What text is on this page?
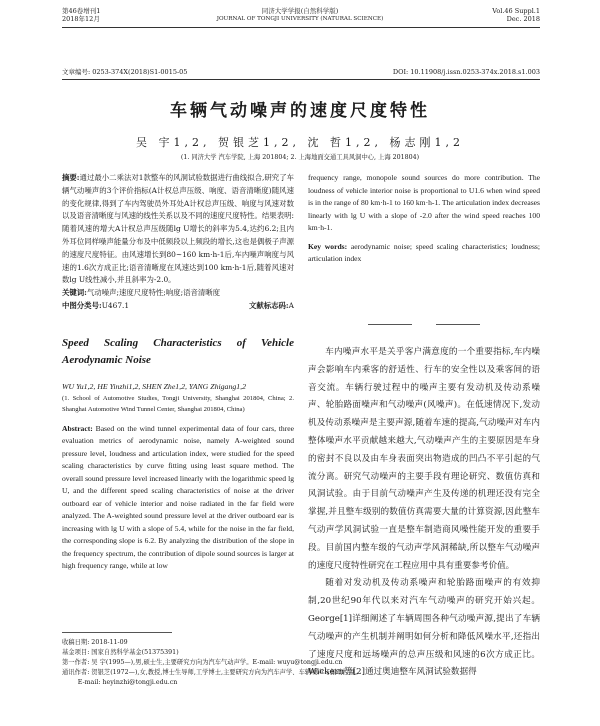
第46卷增刊1
2018年12月
同济大学学报(自然科学版)
JOURNAL OF TONGJI UNIVERSITY (NATURAL SCIENCE)
Vol.46 Suppl.1
Dec. 2018
文章编号: 0253-374X(2018)S1-0015-05	DOI: 10.11908/j.issn.0253-374x.2018.s1.003
车辆气动噪声的速度尺度特性
吴 宇1,2, 贺银芝1,2, 沈 哲1,2, 杨志刚1,2
(1. 同济大学 汽车学院, 上海 201804; 2. 上海地面交通工具风洞中心, 上海 201804)

摘要:通过最小二乘法对1款整车的风洞试验数据进行曲线拟合,研究了车辆气动噪声的3个评价指标(A计权总声压级、响度、语音清晰度)随风速的变化规律,得到了车内驾驶员外耳处A计权总声压级、响度与风速对数以及语音清晰度与风速的线性关系以及不同的速度尺度特性。结果表明:随着风速的增大A计权总声压级随lg U增长的斜率为5.4,达约6.2;且内外耳位同样噪声能量分布及中低频段以上频段的增长,这也是偶极子声源的速度尺度特征。由风速增长到80~160 km·h-1后,车内噪声响度与风速的1.6次方成正比;语音清晰度在风速达到100 km·h-1后,随着风速对数lg U线性减小,并且斜率为-2.0。

关键词:气动噪声;速度尺度特性;响度;语音清晰度

中图分类号:U467.1	文献标志码:A

Speed Scaling Characteristics of Vehicle Aerodynamic Noise
WU Yu1,2, HE Yinzhi1,2, SHEN Zhe1,2, YANG Zhigang1,2
(1. School of Automotive Studies, Tongji University, Shanghai 201804, China; 2. Shanghai Automotive Wind Tunnel Center, Shanghai 201804, China)

Abstract: Based on the wind tunnel experimental data of four cars, three evaluation metrics of aerodynamic noise, namely A-weighted sound pressure level, loudness and articulation index, were studied for the speed scaling characteristics by curve fitting using least square method. The overall sound pressure level increased linearly with the logarithmic speed lg U, and the different speed scaling characteristics of noise at the driver outboard ear of vehicle interior and noise radiated in the far field were analyzed. The A-weighted sound pressure level at the driver outboard ear is increasing with lg U with a slope of 5.4, while for the noise in the far field, the corresponding slope is 6.2. By analyzing the distribution of the slope in the frequency spectrum, the contribution of dipole sound sources is larger at high frequency range, while at low

frequency range, monopole sound sources do more contribution. The loudness of vehicle interior noise is proportional to U1.6 when wind speed is in the range of 80 km·h-1 to 160 km·h-1. The articulation index decreases linearly with lg U with a slope of -2.0 after the wind speed reaches 100 km·h-1.

Key words: aerodynamic noise; speed scaling characteristics; loudness; articulation index

车内噪声水平是关乎客户满意度的一个重要指标,车内噪声会影响车内乘客的舒适性、行车的安全性以及乘客间的语音交流。车辆行驶过程中的噪声主要有发动机及传动系噪声、轮胎路面噪声和气动噪声(风噪声)。在低速情况下,发动机及传动系噪声是主要声源,随着车速的提高,气动噪声对车内整体噪声水平贡献越来越大,气动噪声产生的主要原因是车身的密封不良以及由车身表面突出物造成的凹凸不平引起的气流分离。研究气动噪声的主要手段有理论研究、数值仿真和风洞试验。由于目前气动噪声产生及传递的机理还没有完全掌握,并且整车级别的数值仿真需要大量的计算资源,因此整车气动声学风洞试验一直是整车制造商风噪性能开发的重要手段。目前国内整车级的气动声学风洞稀缺,所以整车气动噪声的速度尺度特性研究在工程应用中具有重要参考价值。

随着对发动机及传动系噪声和轮胎路面噪声的有效抑制,20世纪90年代以来对汽车气动噪声的研究开始兴起。George[1]详细阐述了车辆周围各种气动噪声源,提出了车辆气动噪声的产生机制并阐明如何分析和降低风噪水平,还指出了速度尺度和远场噪声的总声压级和风速的6次方成正比。Wickern等[2]通过奥迪整车风洞试验数据得

收稿日期: 2018-11-09
基金项目: 国家自然科学基金(51375391)
第一作者: 吴 宇(1995—),男,硕士生,主要研究方向为汽车气动声学。E-mail: wuyu@tongji.edu.cn
通讯作者: 贺银芝(1972—),女,教授,博士生导师,工学博士,主要研究方向为汽车声学、车辆噪声与振动控制。
E-mail: heyinzhi@tongji.edu.cn
